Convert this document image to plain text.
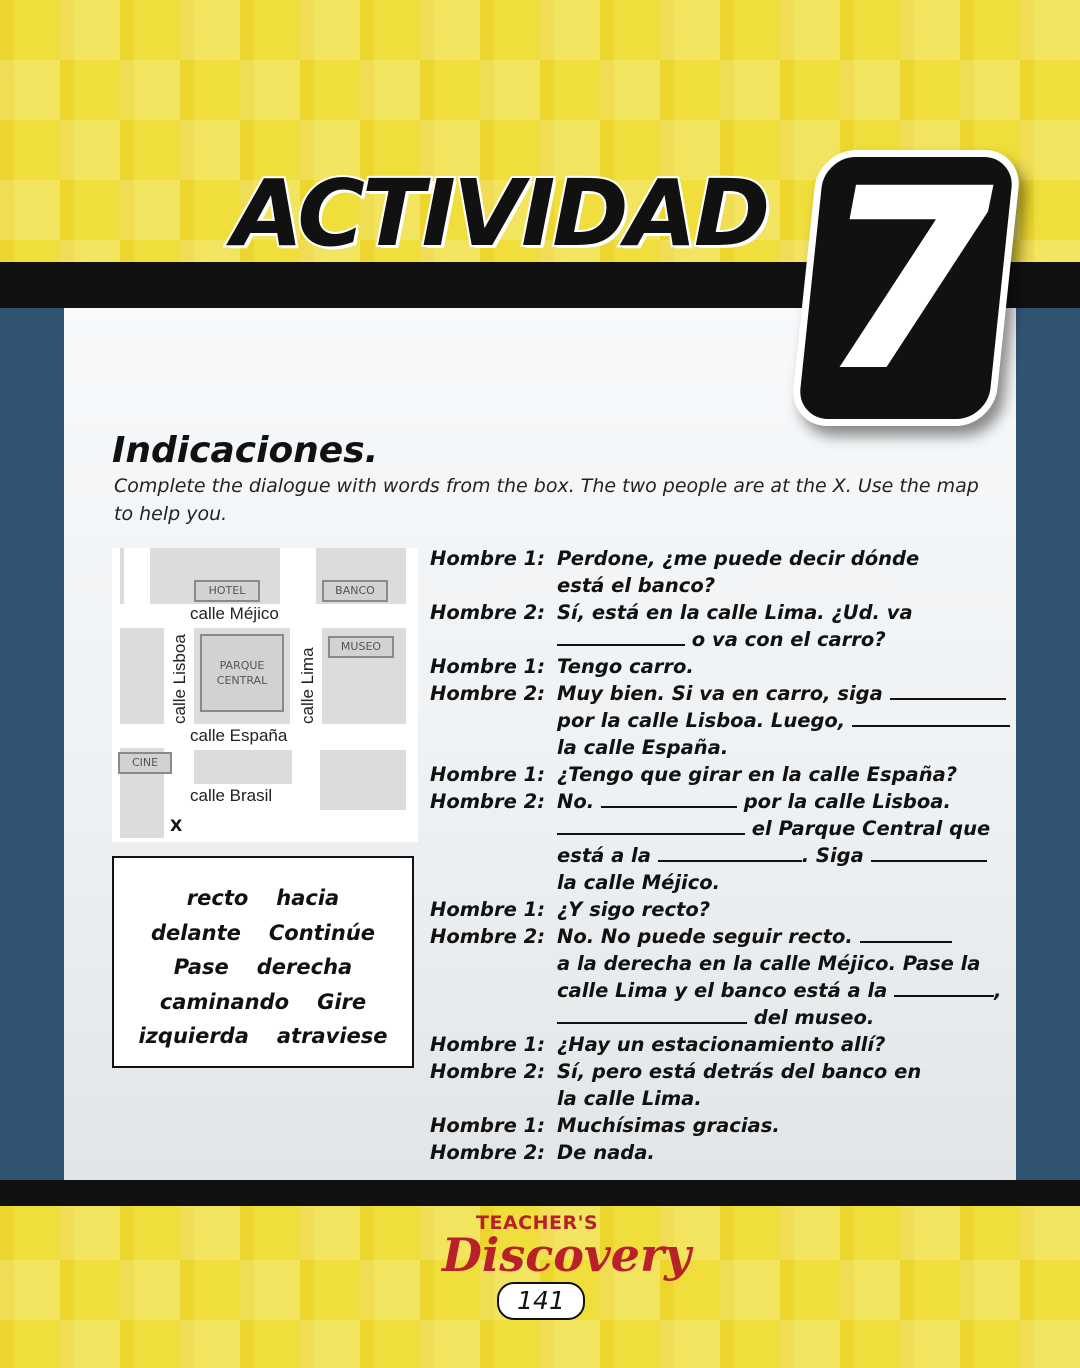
ACTIVIDAD 7
Indicaciones.
Complete the dialogue with words from the box. The two people are at the X. Use the map to help you.
HOTEL	BANCO
MUSEO
PARQUE
CENTRAL
CINE
calle Méjico
calle Lisboa	calle Lima
calle España
calle Brasil
X
recto hacia
delante Continúe
Pase derecha
caminando Gire
izquierda atraviese
Hombre 1: Perdone, ¿me puede decir dónde
está el banco?
Hombre 2: Sí, está en la calle Lima. ¿Ud. va
o va con el carro?
Hombre 1: Tengo carro.
Hombre 2: Muy bien. Si va en carro, siga
por la calle Lisboa. Luego,
la calle España.
Hombre 1: ¿Tengo que girar en la calle España?
Hombre 2: No.	por la calle Lisboa.
el Parque Central que
está a la	. Siga
la calle Méjico.
Hombre 1: ¿Y sigo recto?
Hombre 2: No. No puede seguir recto.
a la derecha en la calle Méjico. Pase la
calle Lima y el banco está a la	,
del museo.
Hombre 1: ¿Hay un estacionamiento allí?
Hombre 2: Sí, pero está detrás del banco en
la calle Lima.
Hombre 1: Muchísimas gracias.
Hombre 2: De nada.
TEACHER'S
Discovery
141
